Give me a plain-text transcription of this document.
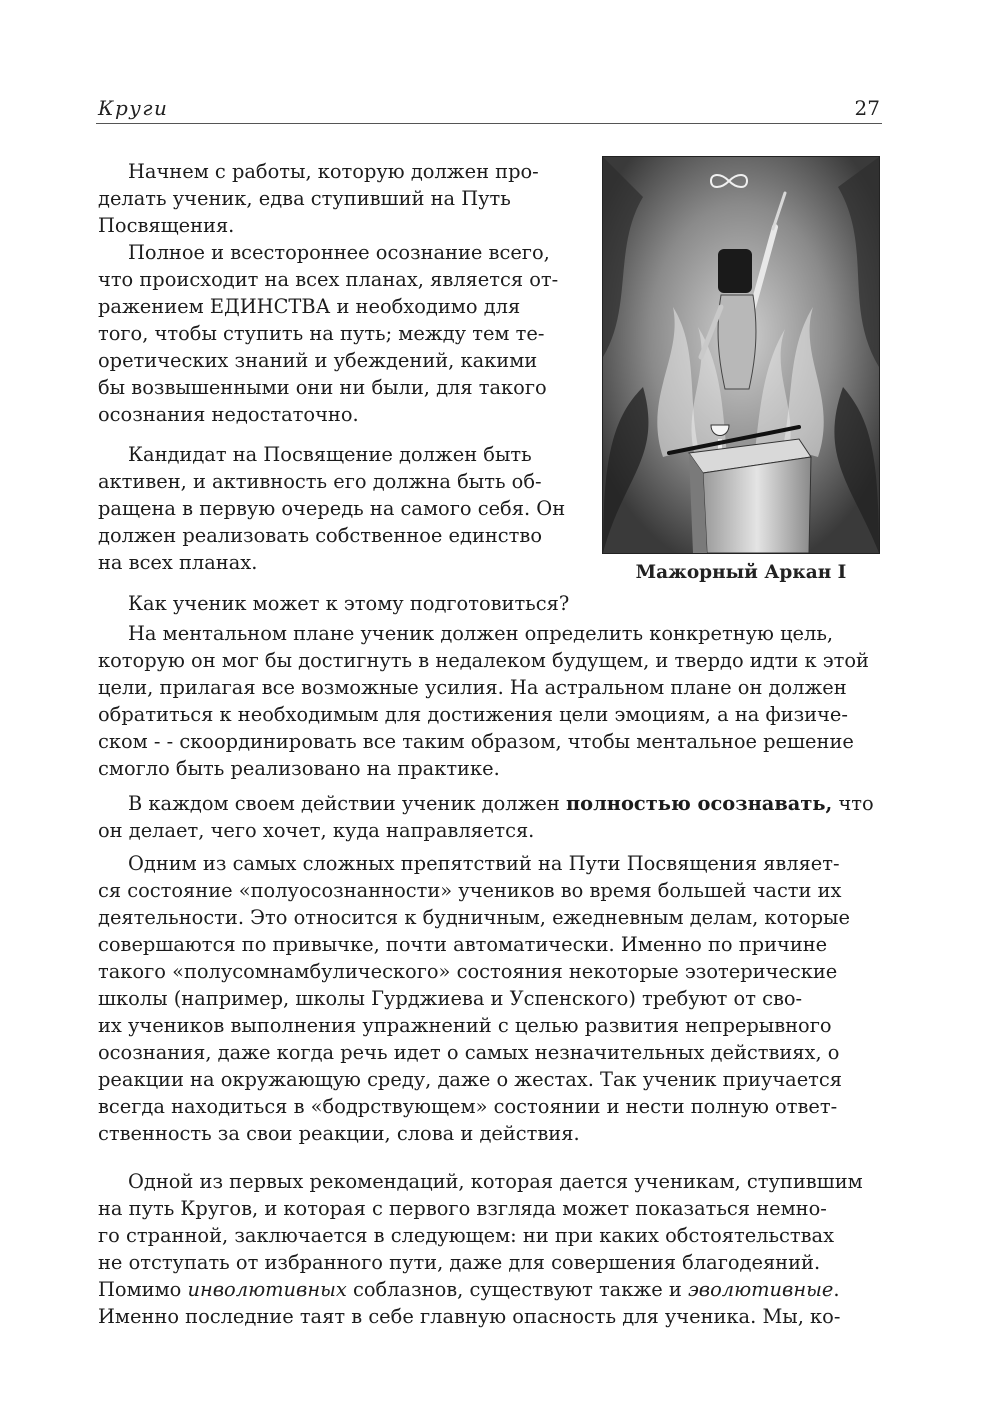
Круги	27
Мажорный Аркан I
Начнем с работы, которую должен про-
делать ученик, едва ступивший на Путь
Посвящения.
Полное и всестороннее осознание всего,
что происходит на всех планах, является от-
ражением ЕДИНСТВА и необходимо для
того, чтобы ступить на путь; между тем те-
оретических знаний и убеждений, какими
бы возвышенными они ни были, для такого
осознания недостаточно.
Кандидат на Посвящение должен быть
активен, и активность его должна быть об-
ращена в первую очередь на самого себя. Он
должен реализовать собственное единство
на всех планах.
Как ученик может к этому подготовиться?
На ментальном плане ученик должен определить конкретную цель,
которую он мог бы достигнуть в недалеком будущем, и твердо идти к этой
цели, прилагая все возможные усилия. На астральном плане он должен
обратиться к необходимым для достижения цели эмоциям, а на физиче-
ском - - скоординировать все таким образом, чтобы ментальное решение
смогло быть реализовано на практике.
В каждом своем действии ученик должен полностью осознавать, что
он делает, чего хочет, куда направляется.
Одним из самых сложных препятствий на Пути Посвящения являет-
ся состояние «полуосознанности» учеников во время большей части их
деятельности. Это относится к будничным, ежедневным делам, которые
совершаются по привычке, почти автоматически. Именно по причине
такого «полусомнамбулического» состояния некоторые эзотерические
школы (например, школы Гурджиева и Успенского) требуют от сво-
их учеников выполнения упражнений с целью развития непрерывного
осознания, даже когда речь идет о самых незначительных действиях, о
реакции на окружающую среду, даже о жестах. Так ученик приучается
всегда находиться в «бодрствующем» состоянии и нести полную ответ-
ственность за свои реакции, слова и действия.
Одной из первых рекомендаций, которая дается ученикам, ступившим
на путь Кругов, и которая с первого взгляда может показаться немно-
го странной, заключается в следующем: ни при каких обстоятельствах
не отступать от избранного пути, даже для совершения благодеяний.
Помимо инволютивных соблазнов, существуют также и эволютивные.
Именно последние таят в себе главную опасность для ученика. Мы, ко-
